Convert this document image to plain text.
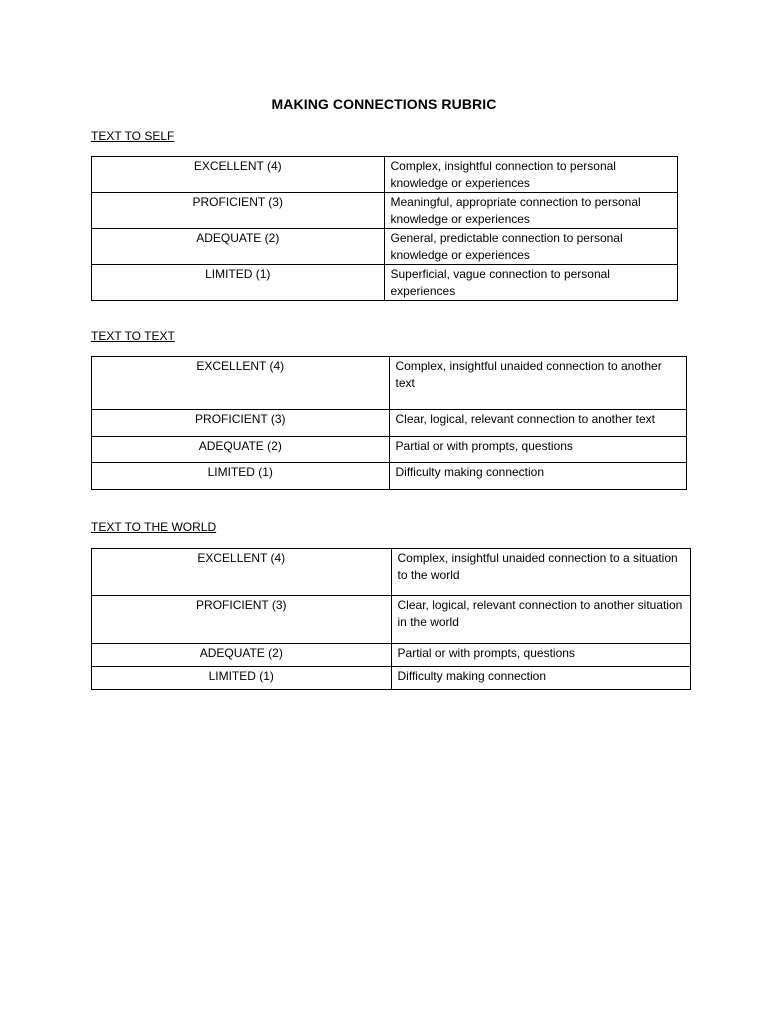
MAKING CONNECTIONS RUBRIC
TEXT TO SELF
EXCELLENT (4)	Complex, insightful connection to personal knowledge or experiences
PROFICIENT (3)	Meaningful, appropriate connection to personal knowledge or experiences
ADEQUATE (2)	General, predictable connection to personal knowledge or experiences
LIMITED (1)	Superficial, vague connection to personal experiences
TEXT TO TEXT
EXCELLENT (4)	Complex, insightful unaided connection to another text
PROFICIENT (3)	Clear, logical, relevant connection to another text
ADEQUATE (2)	Partial or with prompts, questions
LIMITED (1)	Difficulty making connection
TEXT TO THE WORLD
EXCELLENT (4)	Complex, insightful unaided connection to a situation to the world
PROFICIENT (3)	Clear, logical, relevant connection to another situation in the world
ADEQUATE (2)	Partial or with prompts, questions
LIMITED (1)	Difficulty making connection
